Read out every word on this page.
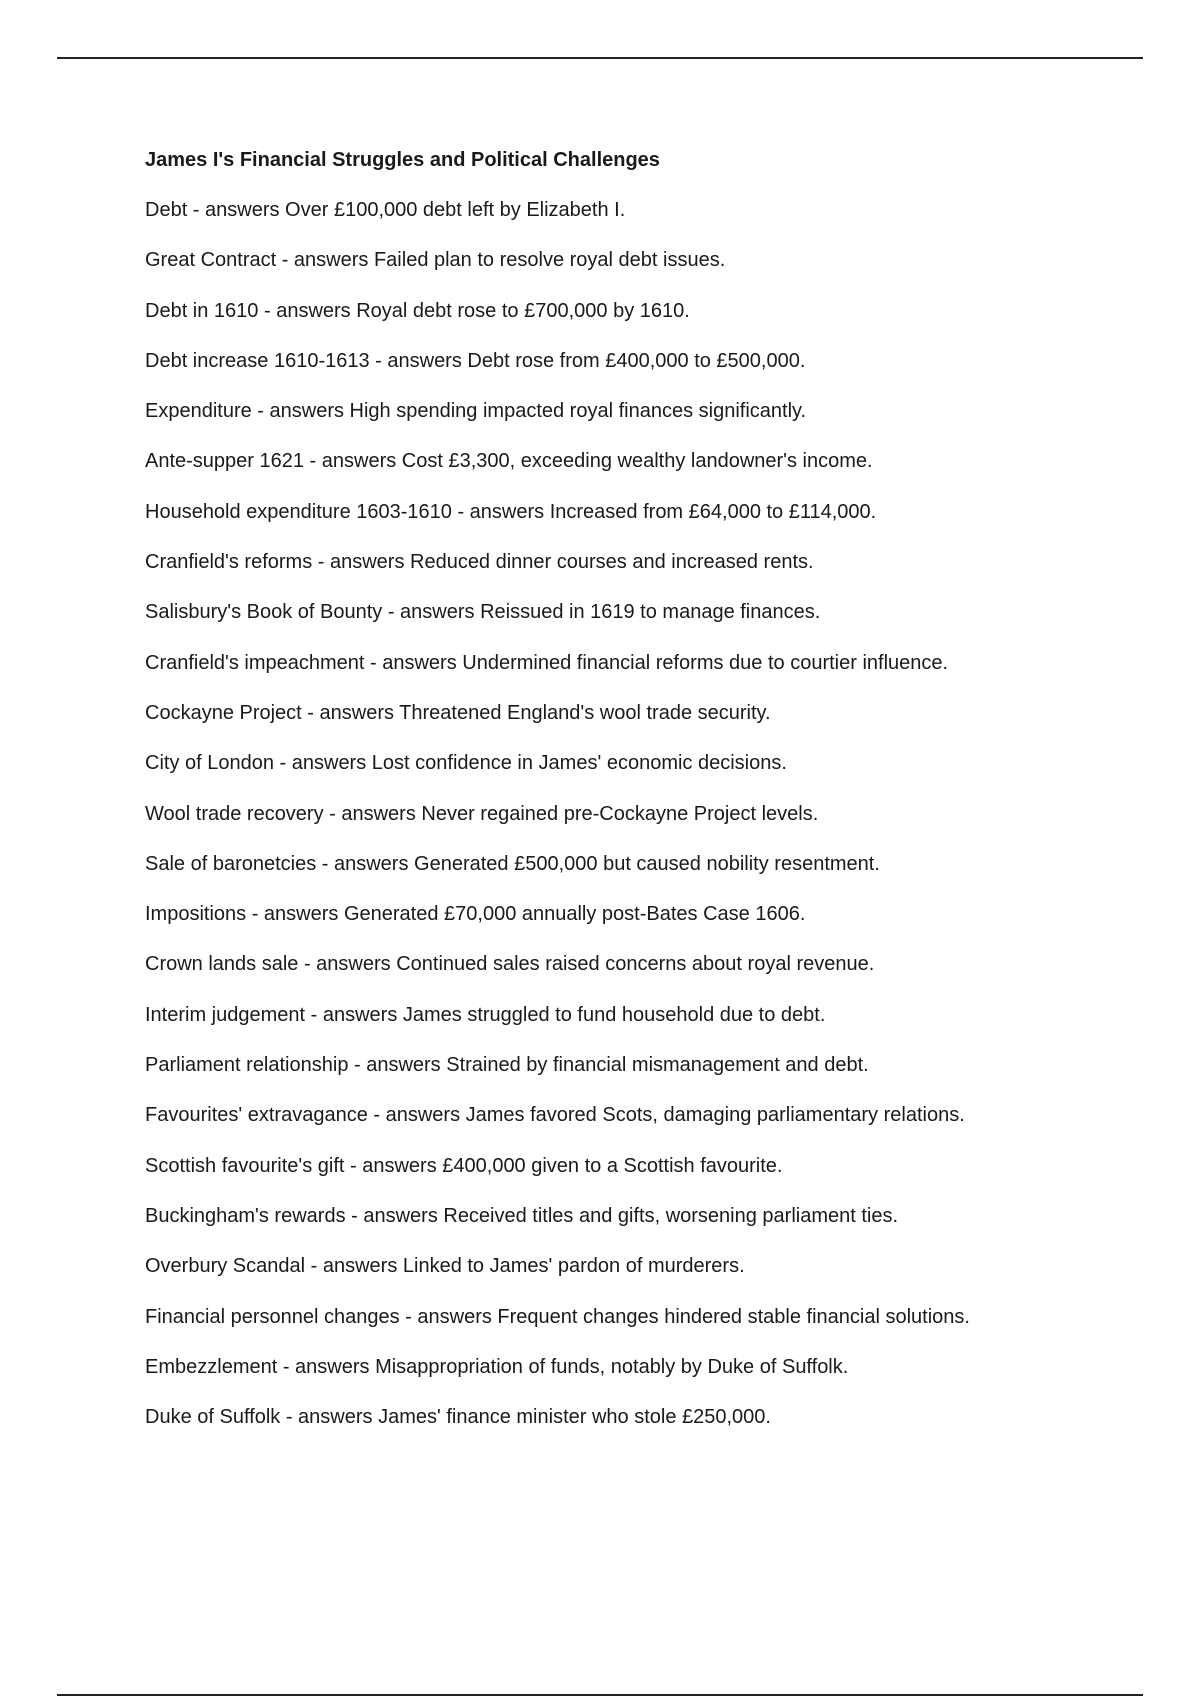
James I's Financial Struggles and Political Challenges
Debt - answers Over £100,000 debt left by Elizabeth I.
Great Contract - answers Failed plan to resolve royal debt issues.
Debt in 1610 - answers Royal debt rose to £700,000 by 1610.
Debt increase 1610-1613 - answers Debt rose from £400,000 to £500,000.
Expenditure - answers High spending impacted royal finances significantly.
Ante-supper 1621 - answers Cost £3,300, exceeding wealthy landowner's income.
Household expenditure 1603-1610 - answers Increased from £64,000 to £114,000.
Cranfield's reforms - answers Reduced dinner courses and increased rents.
Salisbury's Book of Bounty - answers Reissued in 1619 to manage finances.
Cranfield's impeachment - answers Undermined financial reforms due to courtier influence.
Cockayne Project - answers Threatened England's wool trade security.
City of London - answers Lost confidence in James' economic decisions.
Wool trade recovery - answers Never regained pre-Cockayne Project levels.
Sale of baronetcies - answers Generated £500,000 but caused nobility resentment.
Impositions - answers Generated £70,000 annually post-Bates Case 1606.
Crown lands sale - answers Continued sales raised concerns about royal revenue.
Interim judgement - answers James struggled to fund household due to debt.
Parliament relationship - answers Strained by financial mismanagement and debt.
Favourites' extravagance - answers James favored Scots, damaging parliamentary relations.
Scottish favourite's gift - answers £400,000 given to a Scottish favourite.
Buckingham's rewards - answers Received titles and gifts, worsening parliament ties.
Overbury Scandal - answers Linked to James' pardon of murderers.
Financial personnel changes - answers Frequent changes hindered stable financial solutions.
Embezzlement - answers Misappropriation of funds, notably by Duke of Suffolk.
Duke of Suffolk - answers James' finance minister who stole £250,000.
